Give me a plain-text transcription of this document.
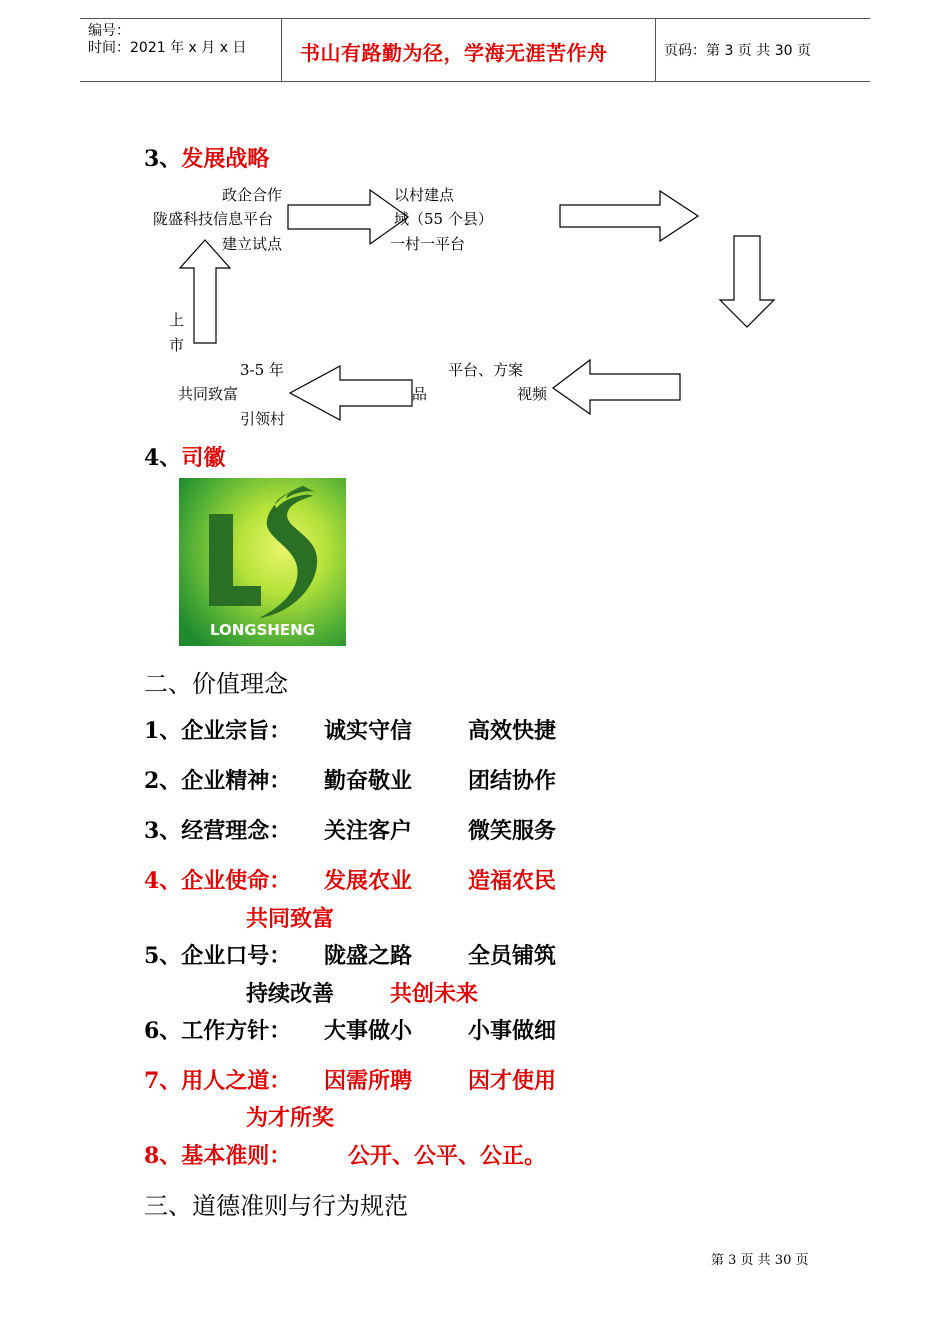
编号：
时间：2021 年 x 月 x 日	书山有路勤为径，学海无涯苦作舟	页码：第 3 页 共 30 页
3、发展战略
政企合作
陇盛科技信息平台
建立试点
以村建点
域（55 个县）
一村一平台
平台、方案
品	视频
3-5 年
共同致富
引领村
上
市
4、司徽
LONGSHENG
二、价值理念
1、企业宗旨： 诚实守信	高效快捷
2、企业精神： 勤奋敬业	团结协作
3、经营理念： 关注客户	微笑服务
4、企业使命： 发展农业	造福农民
共同致富
5、企业口号： 陇盛之路	全员铺筑
持续改善	共创未来
6、工作方针： 大事做小	小事做细
7、用人之道： 因需所聘	因才使用
为才所奖
8、基本准则：	公开、公平、公正。
三、道德准则与行为规范
第 3 页 共 30 页
